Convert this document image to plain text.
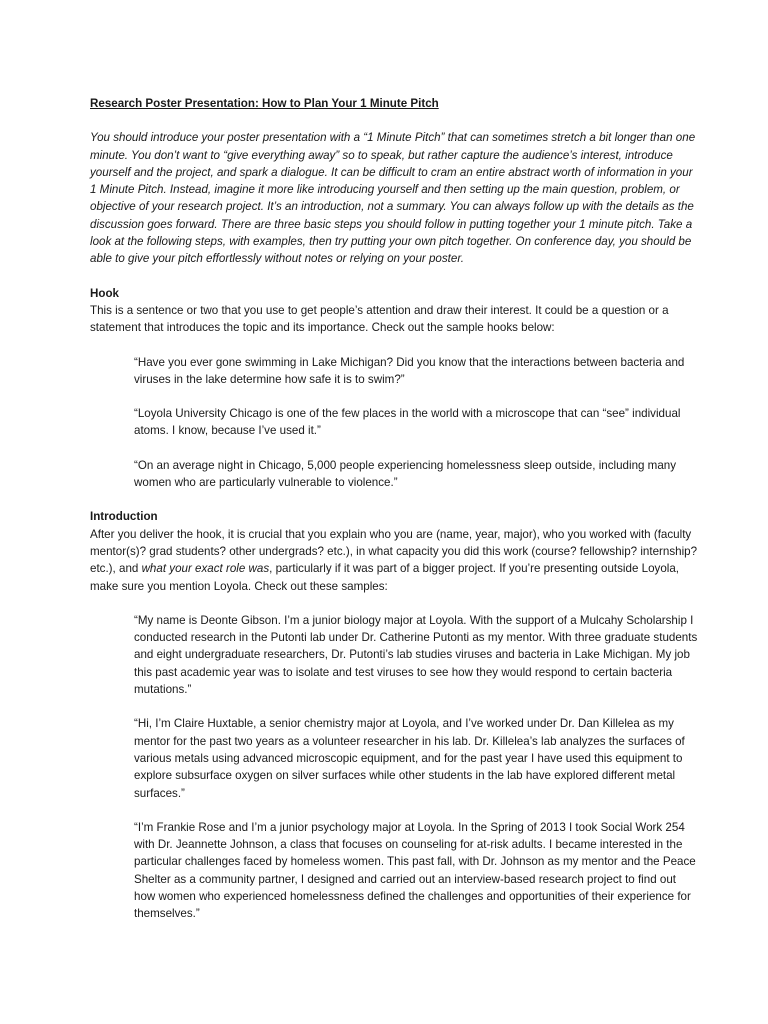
Research Poster Presentation: How to Plan Your 1 Minute Pitch

You should introduce your poster presentation with a “1 Minute Pitch” that can sometimes stretch a bit longer than one minute. You don’t want to “give everything away” so to speak, but rather capture the audience’s interest, introduce yourself and the project, and spark a dialogue. It can be difficult to cram an entire abstract worth of information in your 1 Minute Pitch. Instead, imagine it more like introducing yourself and then setting up the main question, problem, or objective of your research project. It’s an introduction, not a summary. You can always follow up with the details as the discussion goes forward. There are three basic steps you should follow in putting together your 1 minute pitch. Take a look at the following steps, with examples, then try putting your own pitch together. On conference day, you should be able to give your pitch effortlessly without notes or relying on your poster.

Hook

This is a sentence or two that you use to get people’s attention and draw their interest. It could be a question or a statement that introduces the topic and its importance. Check out the sample hooks below:

“Have you ever gone swimming in Lake Michigan? Did you know that the interactions between bacteria and viruses in the lake determine how safe it is to swim?”

“Loyola University Chicago is one of the few places in the world with a microscope that can “see” individual atoms. I know, because I’ve used it.”

“On an average night in Chicago, 5,000 people experiencing homelessness sleep outside, including many women who are particularly vulnerable to violence.”

Introduction

After you deliver the hook, it is crucial that you explain who you are (name, year, major), who you worked with (faculty mentor(s)? grad students? other undergrads? etc.), in what capacity you did this work (course? fellowship? internship? etc.), and what your exact role was, particularly if it was part of a bigger project. If you’re presenting outside Loyola, make sure you mention Loyola. Check out these samples:

“My name is Deonte Gibson. I’m a junior biology major at Loyola. With the support of a Mulcahy Scholarship I conducted research in the Putonti lab under Dr. Catherine Putonti as my mentor. With three graduate students and eight undergraduate researchers, Dr. Putonti’s lab studies viruses and bacteria in Lake Michigan. My job this past academic year was to isolate and test viruses to see how they would respond to certain bacteria mutations.”

“Hi, I’m Claire Huxtable, a senior chemistry major at Loyola, and I’ve worked under Dr. Dan Killelea as my mentor for the past two years as a volunteer researcher in his lab. Dr. Killelea’s lab analyzes the surfaces of various metals using advanced microscopic equipment, and for the past year I have used this equipment to explore subsurface oxygen on silver surfaces while other students in the lab have explored different metal surfaces.”

“I’m Frankie Rose and I’m a junior psychology major at Loyola. In the Spring of 2013 I took Social Work 254 with Dr. Jeannette Johnson, a class that focuses on counseling for at-risk adults. I became interested in the particular challenges faced by homeless women. This past fall, with Dr. Johnson as my mentor and the Peace Shelter as a community partner, I designed and carried out an interview-based research project to find out how women who experienced homelessness defined the challenges and opportunities of their experience for themselves.”
